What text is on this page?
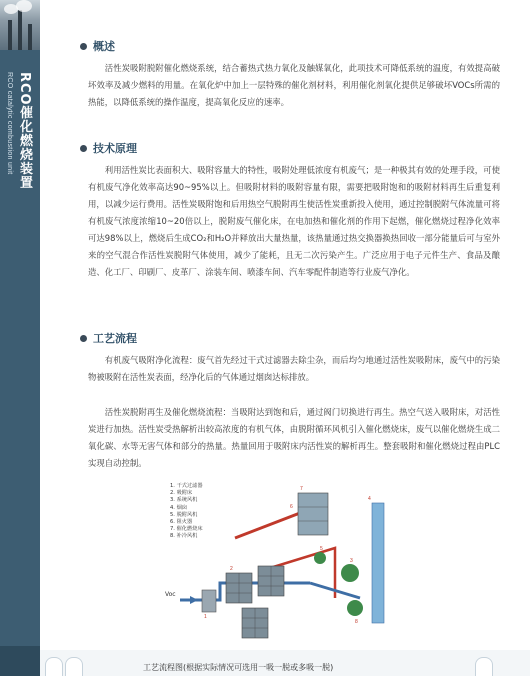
RCO催化燃烧装置
RCO catalytic combustion unit
概述

活性炭吸附脱附催化燃烧系统，结合蓄热式热力氧化及触媒氧化，此项技术可降低系统的温度，有效提高破坏效率及减少燃料的用量。在氧化炉中加上一层特殊的催化剂材料，利用催化剂氧化提供足够破坏VOCs所需的热能，以降低系统的操作温度，提高氧化反应的速率。

技术原理

利用活性炭比表面积大、吸附容量大的特性，吸附处理低浓度有机废气；是一种极其有效的处理手段，可使有机废气净化效率高达90~95%以上。但吸附材料的吸附容量有限，需要把吸附饱和的吸附材料再生后重复利用，以减少运行费用。活性炭吸附饱和后用热空气脱附再生使活性炭重新投入使用，通过控制脱附气体流量可将有机废气浓度浓缩10~20倍以上，脱附废气催化床，在电加热和催化剂的作用下起燃，催化燃烧过程净化效率可达98%以上，燃烧后生成CO₂和H₂O并释放出大量热量，该热量通过热交换器换热回收一部分能量后可与室外来的空气混合作活性炭脱附气体使用，减少了能耗，且无二次污染产生。广泛应用于电子元件生产、食品及酿造、化工厂、印刷厂、皮革厂、涂装车间、喷漆车间、汽车零配件制造等行业废气净化。

工艺流程

有机废气吸附净化流程：废气首先经过干式过滤器去除尘杂，而后均匀地通过活性炭吸附床，废气中的污染物被吸附在活性炭表面，经净化后的气体通过烟囱达标排放。

活性炭脱附再生及催化燃烧流程：当吸附达到饱和后，通过阀门切换进行再生。热空气送入吸附床，对活性炭进行加热。活性炭受热解析出较高浓度的有机气体，由脱附循环风机引入催化燃烧床，废气以催化燃烧生成二氧化碳、水等无害气体和部分的热量。热量回用于吸附床内活性炭的解析再生。整套吸附和催化燃烧过程由PLC实现自动控制。

Voc
7
4
1
2
3
5
6
8
1. 干式过滤器
2. 吸附床
3. 系统风机
4. 烟囱
5. 脱附风机
6. 阻火器
7. 催化燃烧床
8. 补冷风机
工艺流程图(根据实际情况可选用一吸一脱或多吸一脱)
